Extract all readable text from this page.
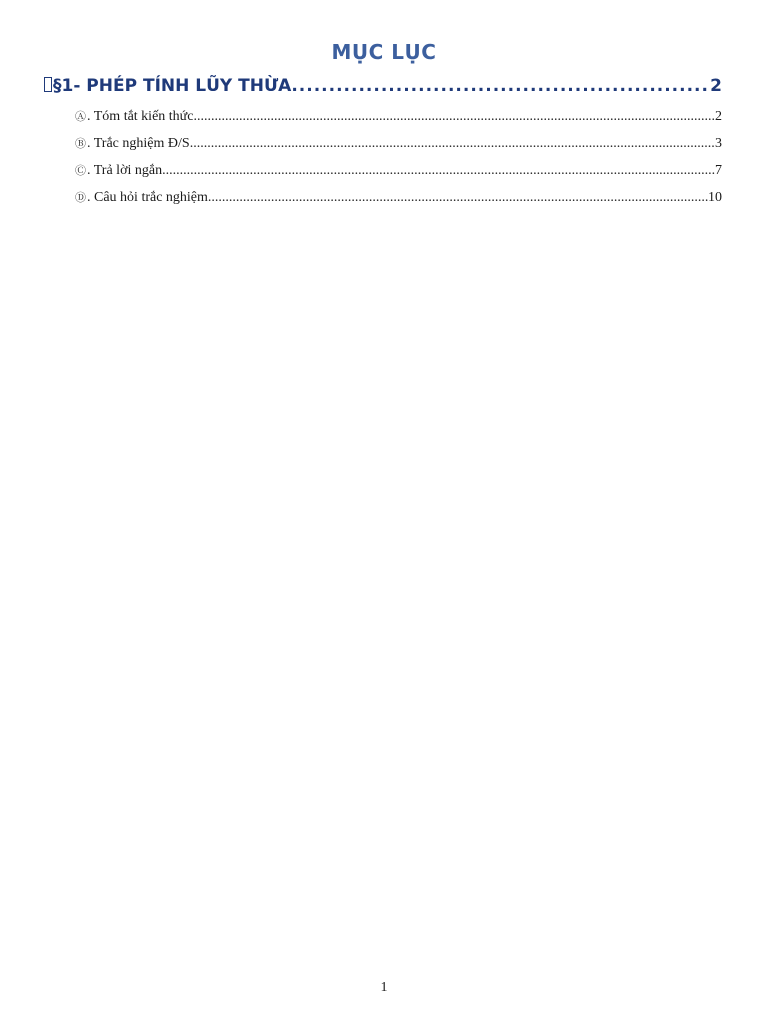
MỤC LỤC
§1- PHÉP TÍNH LŨY THỪA .....	2
Ⓐ. Tóm tắt kiến thức .....	2
Ⓑ. Trắc nghiệm Đ/S .....	3
Ⓒ. Trả lời ngắn .....	7
Ⓓ. Câu hỏi trắc nghiệm .....	10
1
